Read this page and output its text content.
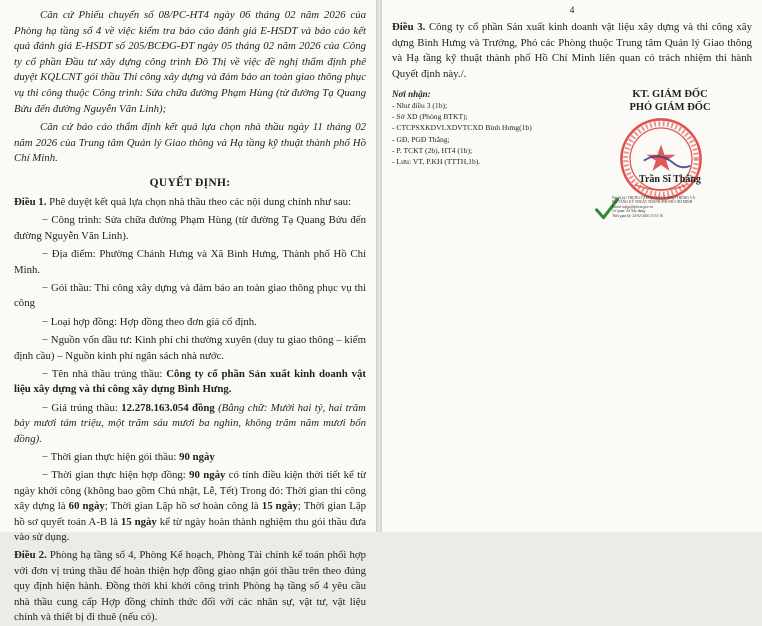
Căn cứ Phiếu chuyển số 08/PC-HT4 ngày 06 tháng 02 năm 2026 của Phòng hạ tầng số 4 về việc kiểm tra báo cáo đánh giá E-HSDT và báo cáo kết quả đánh giá E-HSDT số 205/BCĐG-ĐT ngày 05 tháng 02 năm 2026 của Công ty cổ phần Đầu tư xây dựng công trình Đô Thị về việc đề nghị thẩm định phê duyệt KQLCNT gói thầu Thi công xây dựng và đảm bảo an toàn giao thông phục vụ thi công thuộc Công trình: Sửa chữa đường Phạm Hùng (từ đường Tạ Quang Bửu đến đường Nguyễn Văn Linh);

Căn cứ báo cáo thẩm định kết quả lựa chọn nhà thầu ngày 11 tháng 02 năm 2026 của Trung tâm Quản lý Giao thông và Hạ tầng kỹ thuật thành phố Hồ Chí Minh.

QUYẾT ĐỊNH:

Điều 1. Phê duyệt kết quả lựa chọn nhà thầu theo các nội dung chính như sau:

− Công trình: Sửa chữa đường Phạm Hùng (từ đường Tạ Quang Bửu đến đường Nguyễn Văn Linh).

− Địa điểm: Phường Chánh Hưng và Xã Bình Hưng, Thành phố Hồ Chí Minh.

− Gói thầu: Thi công xây dựng và đảm bảo an toàn giao thông phục vụ thi công

− Loại hợp đồng: Hợp đồng theo đơn giá cố định.

− Nguồn vốn đầu tư: Kinh phí chi thường xuyên (duy tu giao thông – kiểm định cầu) – Nguồn kinh phí ngân sách nhà nước.

− Tên nhà thầu trúng thầu: Công ty cổ phần Sản xuất kinh doanh vật liệu xây dựng và thi công xây dựng Bình Hưng.

− Giá trúng thầu: 12.278.163.054 đồng (Bằng chữ: Mười hai tỷ, hai trăm bảy mươi tám triệu, một trăm sáu mươi ba nghìn, không trăm năm mươi bốn đồng).

− Thời gian thực hiện gói thầu: 90 ngày

− Thời gian thực hiện hợp đồng: 90 ngày có tính điều kiện thời tiết kể từ ngày khởi công (không bao gồm Chủ nhật, Lễ, Tết) Trong đó: Thời gian thi công xây dựng là 60 ngày; Thời gian Lập hồ sơ hoàn công là 15 ngày; Thời gian Lập hồ sơ quyết toán A-B là 15 ngày kể từ ngày hoàn thành nghiệm thu gói thầu đưa vào sử dụng.

Điều 2. Phòng hạ tầng số 4, Phòng Kế hoạch, Phòng Tài chính kế toán phối hợp với đơn vị trúng thầu để hoàn thiện hợp đồng giao nhận gói thầu trên theo đúng quy định hiện hành. Đồng thời khi khởi công trình Phòng hạ tầng số 4 yêu cầu nhà thầu cung cấp Hợp đồng chính thức đối với các nhân sự, vật tư, vật liệu chính và thiết bị đi thuê (nếu có).

4

Điều 3. Công ty cổ phần Sản xuất kinh doanh vật liệu xây dựng và thi công xây dựng Bình Hưng và Trưởng, Phó các Phòng thuộc Trung tâm Quản lý Giao thông và Hạ tầng kỹ thuật thành phố Hồ Chí Minh liên quan có trách nhiệm thi hành Quyết định này./.

Nơi nhận:
- Như điều 3 (1b);
- Sở XD (Phòng BTKT);
- CTCPSXKDVLXDVTCXD Bình Hưng(1b)
- GĐ, PGĐ Thắng;
- P. TCKT (2b), HT4 (1b);
- Lưu: VT, P.KH (TTTH,1b).
KT. GIÁM ĐỐC
PHÓ GIÁM ĐỐC
Trần Sĩ Thắng
Người ký: TRUNG TÂM QUẢN LÝ GIAO THÔNG VÀ
HẠ TẦNG KỸ THUẬT THÀNH PHỐ HỒ CHÍ MINH
Email: ttqlgt@tphcm.gov.vn
Cơ quan: Sở Xây dựng
Thời gian ký: 24-02-2026 15:51:16
